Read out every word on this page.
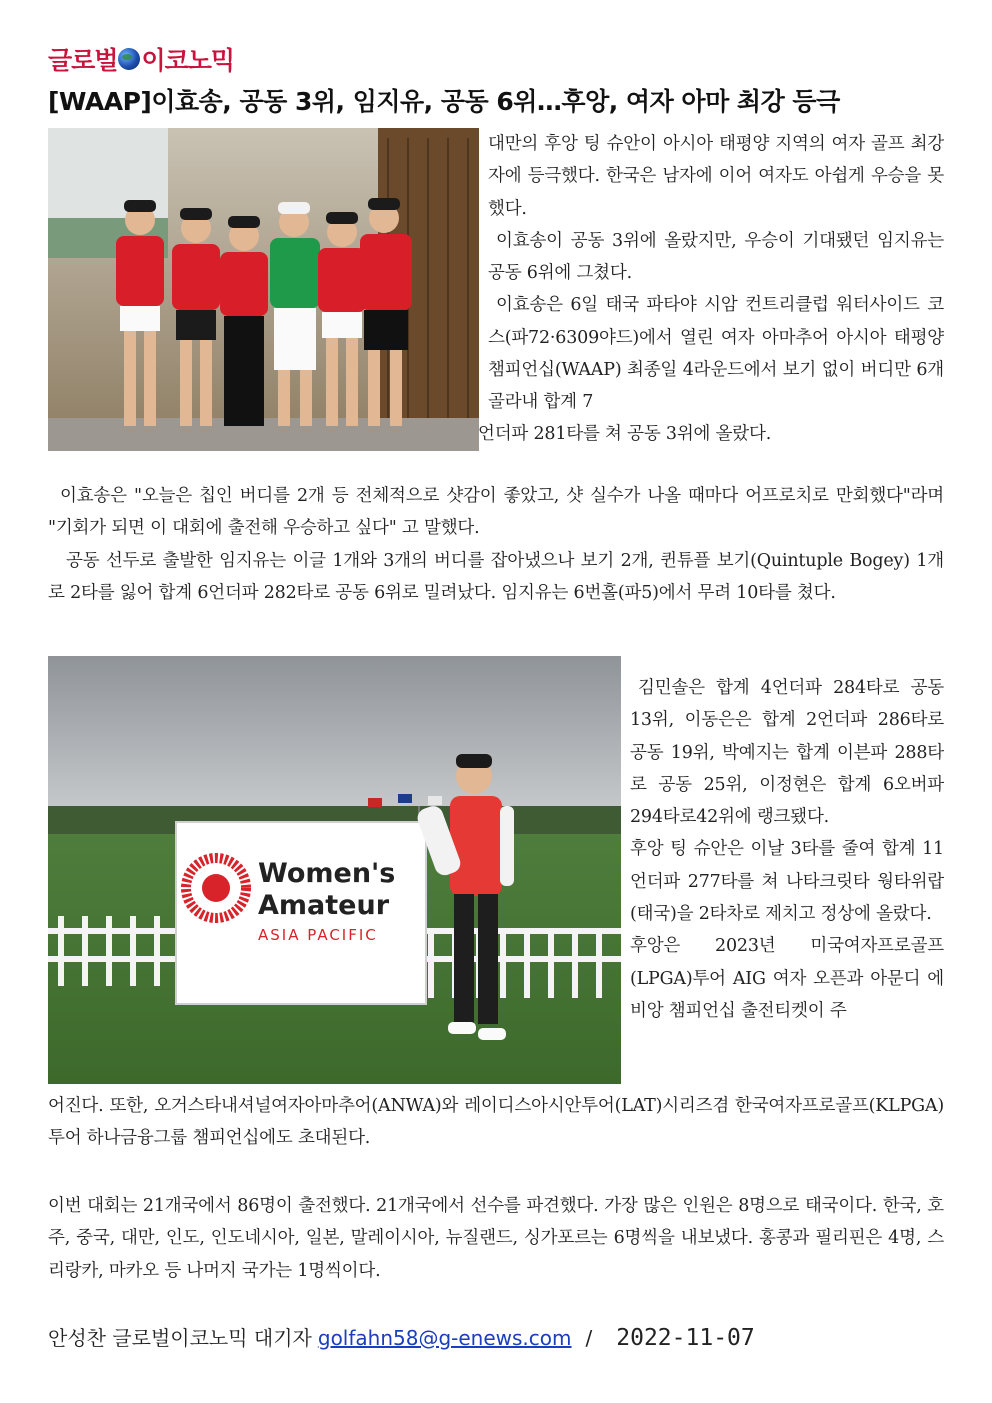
글로벌 이코노믹
[WAAP]이효송, 공동 3위, 임지유, 공동 6위…후앙, 여자 아마 최강 등극

대만의 후앙 팅 슈안이 아시아 태평양 지역의 여자 골프 최강자에 등극했다. 한국은 남자에 이어 여자도 아쉽게 우승을 못했다.

이효송이 공동 3위에 올랐지만, 우승이 기대됐던 임지유는 공동 6위에 그쳤다.

이효송은 6일 태국 파타야 시암 컨트리클럽 워터사이드 코스(파72·6309야드)에서 열린 여자 아마추어 아시아 태평양 챔피언십(WAAP) 최종일 4라운드에서 보기 없이 버디만 6개 골라내 합계 7

언더파 281타를 쳐 공동 3위에 올랐다.

이효송은 "오늘은 칩인 버디를 2개 등 전체적으로 샷감이 좋았고, 샷 실수가 나올 때마다 어프로치로 만회했다"라며 "기회가 되면 이 대회에 출전해 우승하고 싶다" 고 말했다.

공동 선두로 출발한 임지유는 이글 1개와 3개의 버디를 잡아냈으나 보기 2개, 퀸튜플 보기(Quintuple Bogey) 1개로 2타를 잃어 합계 6언더파 282타로 공동 6위로 밀려났다. 임지유는 6번홀(파5)에서 무려 10타를 쳤다.

Women's
Amateur
ASIA PACIFIC

김민솔은 합계 4언더파 284타로 공동 13위, 이동은은 합계 2언더파 286타로 공동 19위, 박예지는 합계 이븐파 288타로 공동 25위, 이정현은 합계 6오버파 294타로42위에 랭크됐다.

후앙 팅 슈안은 이날 3타를 줄여 합계 11언더파 277타를 쳐 나타크릿타 웡타위랍(태국)을 2타차로 제치고 정상에 올랐다.

후앙은 2023년 미국여자프로골프(LPGA)투어 AIG 여자 오픈과 아문디 에비앙 챔피언십 출전티켓이 주

어진다. 또한, 오거스타내셔널여자아마추어(ANWA)와 레이디스아시안투어(LAT)시리즈겸 한국여자프로골프(KLPGA) 투어 하나금융그룹 챔피언십에도 초대된다.
이번 대회는 21개국에서 86명이 출전했다. 21개국에서 선수를 파견했다. 가장 많은 인원은 8명으로 태국이다. 한국, 호주, 중국, 대만, 인도, 인도네시아, 일본, 말레이시아, 뉴질랜드, 싱가포르는 6명씩을 내보냈다. 홍콩과 필리핀은 4명, 스리랑카, 마카오 등 나머지 국가는 1명씩이다.
안성찬 글로벌이코노믹 대기자 golfahn58@g-enews.com / 2022-11-07
